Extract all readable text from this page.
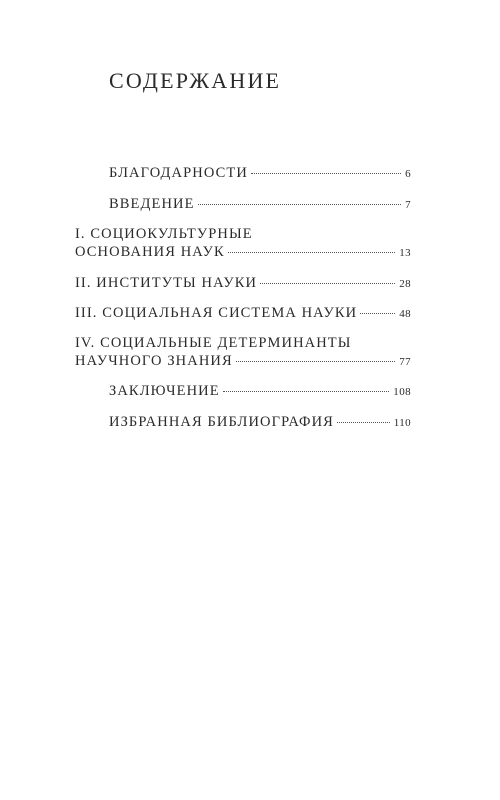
СОДЕРЖАНИЕ
БЛАГОДАРНОСТИ	6
ВВЕДЕНИЕ	7
I. СОЦИОКУЛЬТУРНЫЕ
ОСНОВАНИЯ НАУК	13
II. ИНСТИТУТЫ НАУКИ	28
III. СОЦИАЛЬНАЯ СИСТЕМА НАУКИ	48
IV. СОЦИАЛЬНЫЕ ДЕТЕРМИНАНТЫ
НАУЧНОГО ЗНАНИЯ	77
ЗАКЛЮЧЕНИЕ	108
ИЗБРАННАЯ БИБЛИОГРАФИЯ	110
